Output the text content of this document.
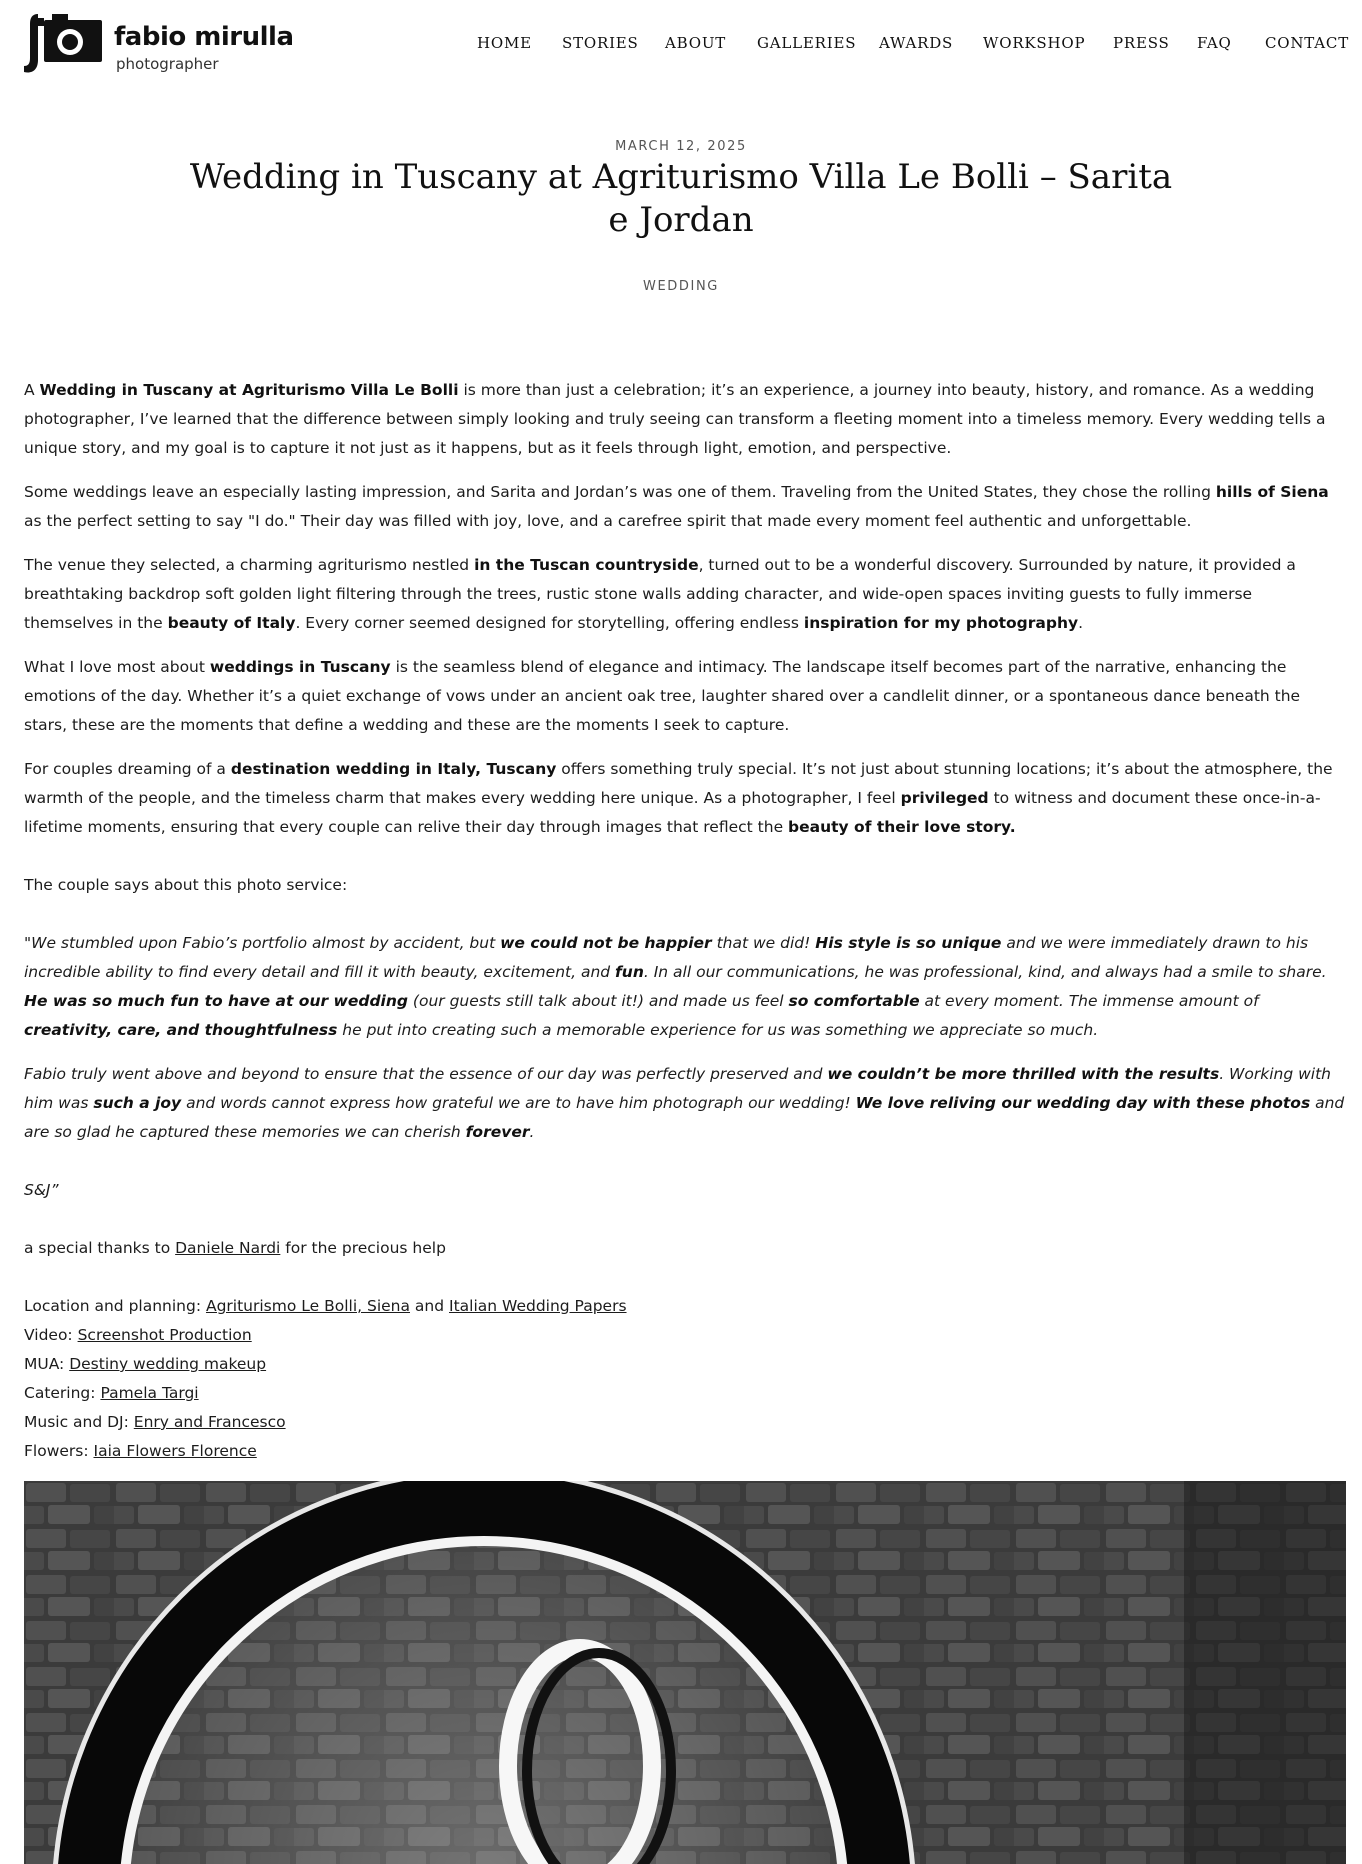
fabio mirulla
photographer
HOME STORIES ABOUT GALLERIES AWARDS WORKSHOP PRESS FAQ CONTACT
MARCH 12, 2025
Wedding in Tuscany at Agriturismo Villa Le Bolli – Sarita e Jordan
WEDDING

A Wedding in Tuscany at Agriturismo Villa Le Bolli is more than just a celebration; it’s an experience, a journey into beauty, history, and romance. As a wedding photographer, I’ve learned that the difference between simply looking and truly seeing can transform a fleeting moment into a timeless memory. Every wedding tells a unique story, and my goal is to capture it not just as it happens, but as it feels through light, emotion, and perspective.

Some weddings leave an especially lasting impression, and Sarita and Jordan’s was one of them. Traveling from the United States, they chose the rolling hills of Siena as the perfect setting to say "I do." Their day was filled with joy, love, and a carefree spirit that made every moment feel authentic and unforgettable.

The venue they selected, a charming agriturismo nestled in the Tuscan countryside, turned out to be a wonderful discovery. Surrounded by nature, it provided a breathtaking backdrop soft golden light filtering through the trees, rustic stone walls adding character, and wide-open spaces inviting guests to fully immerse themselves in the beauty of Italy. Every corner seemed designed for storytelling, offering endless inspiration for my photography.

What I love most about weddings in Tuscany is the seamless blend of elegance and intimacy. The landscape itself becomes part of the narrative, enhancing the emotions of the day. Whether it’s a quiet exchange of vows under an ancient oak tree, laughter shared over a candlelit dinner, or a spontaneous dance beneath the stars, these are the moments that define a wedding and these are the moments I seek to capture.

For couples dreaming of a destination wedding in Italy, Tuscany offers something truly special. It’s not just about stunning locations; it’s about the atmosphere, the warmth of the people, and the timeless charm that makes every wedding here unique. As a photographer, I feel privileged to witness and document these once-in-a-lifetime moments, ensuring that every couple can relive their day through images that reflect the beauty of their love story.

The couple says about this photo service:

"We stumbled upon Fabio’s portfolio almost by accident, but we could not be happier that we did! His style is so unique and we were immediately drawn to his incredible ability to find every detail and fill it with beauty, excitement, and fun. In all our communications, he was professional, kind, and always had a smile to share. He was so much fun to have at our wedding (our guests still talk about it!) and made us feel so comfortable at every moment. The immense amount of creativity, care, and thoughtfulness he put into creating such a memorable experience for us was something we appreciate so much.

Fabio truly went above and beyond to ensure that the essence of our day was perfectly preserved and we couldn’t be more thrilled with the results. Working with him was such a joy and words cannot express how grateful we are to have him photograph our wedding! We love reliving our wedding day with these photos and are so glad he captured these memories we can cherish forever.

S&J”

a special thanks to Daniele Nardi for the precious help

Location and planning: Agriturismo Le Bolli, Siena and Italian Wedding Papers
Video: Screenshot Production
MUA: Destiny wedding makeup
Catering: Pamela Targi
Music and DJ: Enry and Francesco
Flowers: Iaia Flowers Florence
